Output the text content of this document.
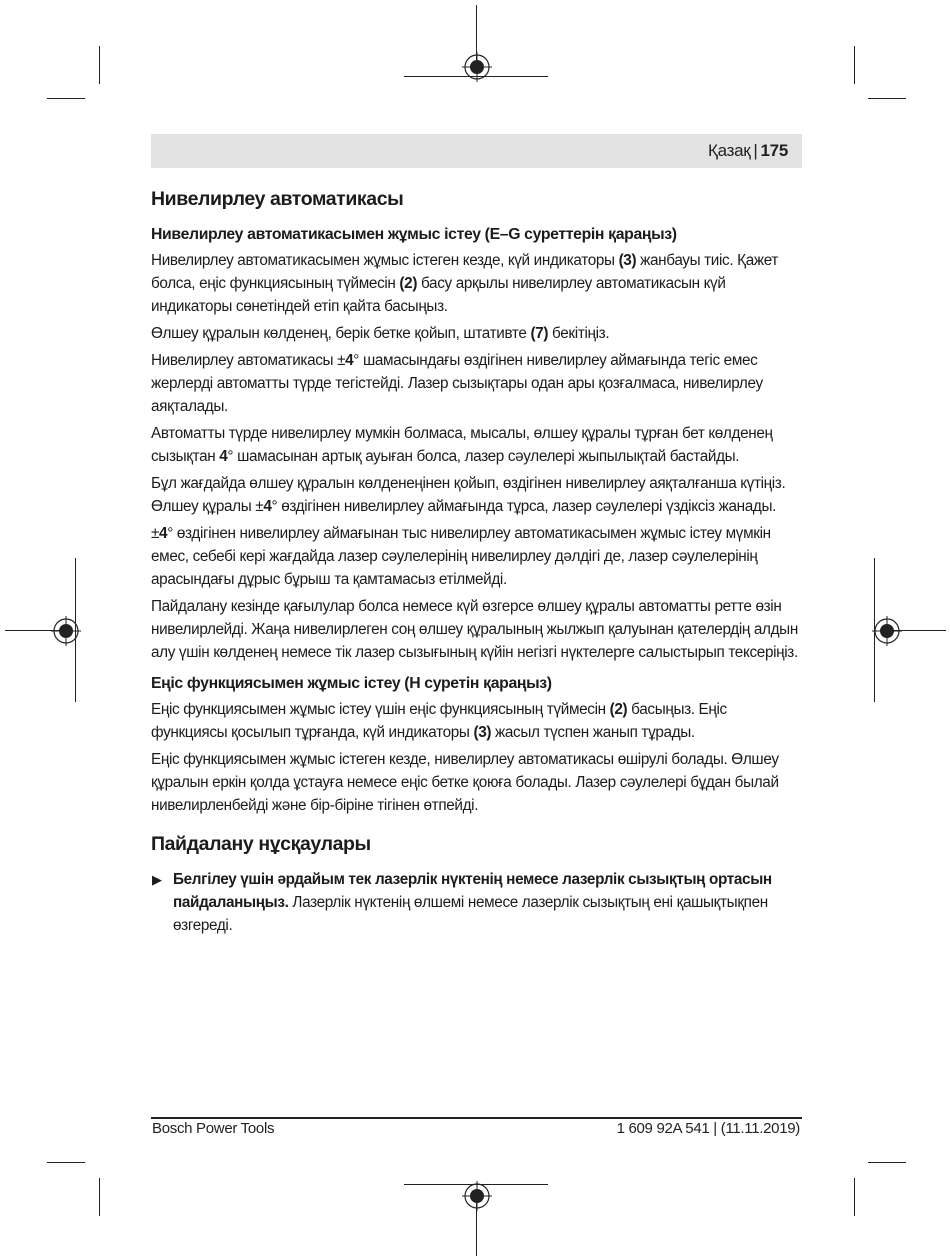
Қазақ | 175
Нивелирлеу автоматикасы
Нивелирлеу автоматикасымен жұмыс істеу (E–G суреттерін қараңыз)

Нивелирлеу автоматикасымен жұмыс істеген кезде, күй индикаторы (3) жанбауы тиіс. Қажет болса, еңіс функциясының түймесін (2) басу арқылы нивелирлеу автоматикасын күй индикаторы сөнетіндей етіп қайта басыңыз.

Өлшеу құралын көлденең, берік бетке қойып, штативте (7) бекітіңіз.

Нивелирлеу автоматикасы ±4° шамасындағы өздігінен нивелирлеу аймағында тегіс емес жерлерді автоматты түрде тегістейді. Лазер сызықтары одан ары қозғалмаса, нивелирлеу аяқталады.

Автоматты түрде нивелирлеу мумкін болмаса, мысалы, өлшеу құралы тұрған бет көлденең сызықтан 4° шамасынан артық ауыған болса, лазер сәулелері жыпылықтай бастайды.

Бұл жағдайда өлшеу құралын көлденеңінен қойып, өздігінен нивелирлеу аяқталғанша күтіңіз. Өлшеу құралы ±4° өздігінен нивелирлеу аймағында тұрса, лазер сәулелері үздіксіз жанады.

±4° өздігінен нивелирлеу аймағынан тыс нивелирлеу автоматикасымен жұмыс істеу мүмкін емес, себебі кері жағдайда лазер сәулелерінің нивелирлеу дәлдігі де, лазер сәулелерінің арасындағы дұрыс бұрыш та қамтамасыз етілмейді.

Пайдалану кезінде қағылулар болса немесе күй өзгерсе өлшеу құралы автоматты ретте өзін нивелирлейді. Жаңа нивелирлеген соң өлшеу құралының жылжып қалуынан қателердің алдын алу үшін көлденең немесе тік лазер сызығының күйін негізгі нүктелерге салыстырып тексеріңіз.

Еңіс функциясымен жұмыс істеу (H суретін қараңыз)

Еңіс функциясымен жұмыс істеу үшін еңіс функциясының түймесін (2) басыңыз. Еңіс функциясы қосылып тұрғанда, күй индикаторы (3) жасыл түспен жанып тұрады.

Еңіс функциясымен жұмыс істеген кезде, нивелирлеу автоматикасы өшірулі болады. Өлшеу құралын еркін қолда ұстауға немесе еңіс бетке қоюға болады. Лазер сәулелері бұдан былай нивелирленбейді және бір-біріне тігінен өтпейді.

Пайдалану нұсқаулары
▶ Белгілеу үшін әрдайым тек лазерлік нүктенің немесе лазерлік сызықтың ортасын пайдаланыңыз. Лазерлік нүктенің өлшемі немесе лазерлік сызықтың ені қашықтықпен өзгереді.
Bosch Power Tools	1 609 92A 541 | (11.11.2019)
